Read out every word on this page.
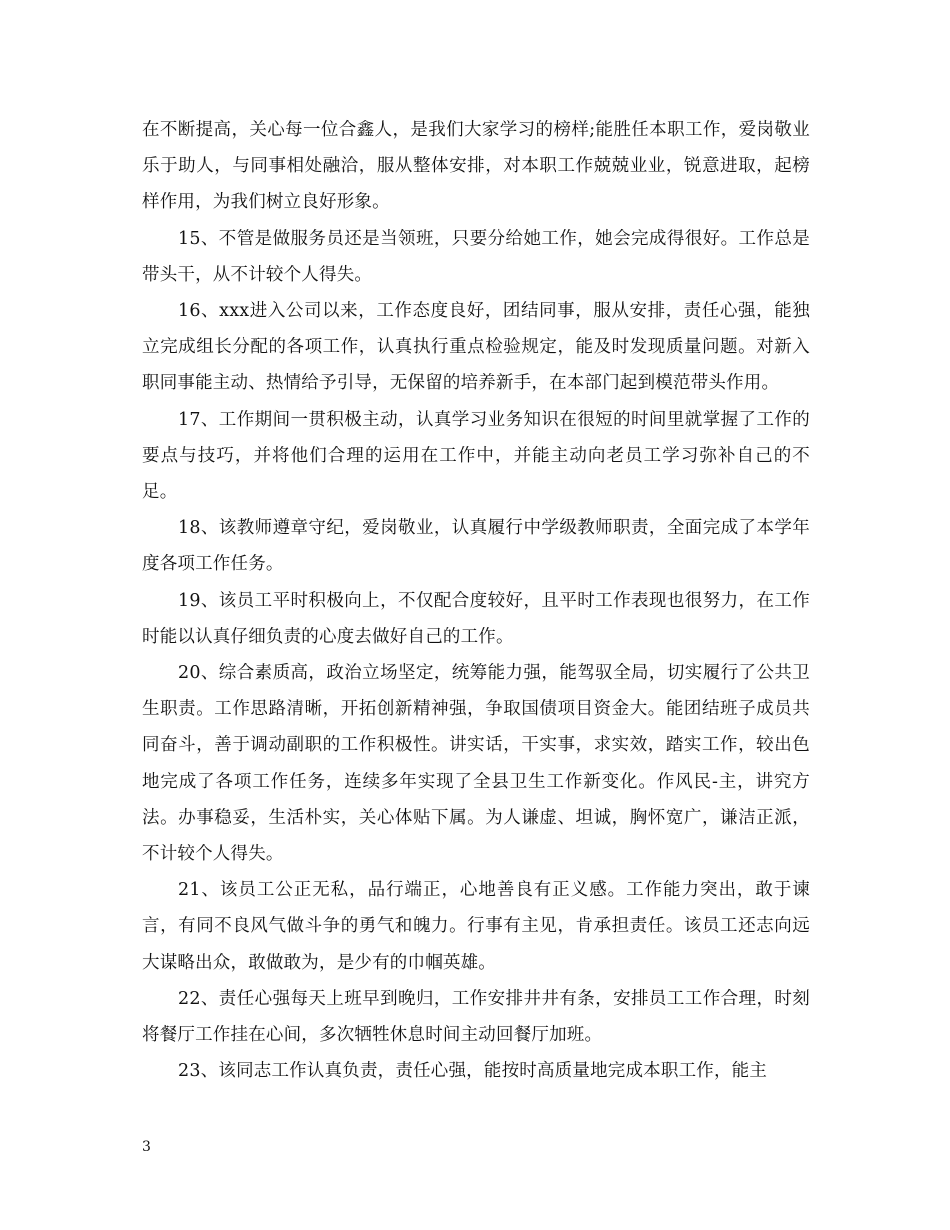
在不断提高，关心每一位合鑫人，是我们大家学习的榜样;能胜任本职工作，爱岗敬业乐于助人，与同事相处融洽，服从整体安排，对本职工作兢兢业业，锐意进取，起榜样作用，为我们树立良好形象。

15、不管是做服务员还是当领班，只要分给她工作，她会完成得很好。工作总是带头干，从不计较个人得失。

16、xxx进入公司以来，工作态度良好，团结同事，服从安排，责任心强，能独立完成组长分配的各项工作，认真执行重点检验规定，能及时发现质量问题。对新入职同事能主动、热情给予引导，无保留的培养新手，在本部门起到模范带头作用。

17、工作期间一贯积极主动，认真学习业务知识在很短的时间里就掌握了工作的要点与技巧，并将他们合理的运用在工作中，并能主动向老员工学习弥补自己的不足。

18、该教师遵章守纪，爱岗敬业，认真履行中学级教师职责，全面完成了本学年度各项工作任务。

19、该员工平时积极向上，不仅配合度较好，且平时工作表现也很努力，在工作时能以认真仔细负责的心度去做好自己的工作。

20、综合素质高，政治立场坚定，统筹能力强，能驾驭全局，切实履行了公共卫生职责。工作思路清晰，开拓创新精神强，争取国债项目资金大。能团结班子成员共同奋斗，善于调动副职的工作积极性。讲实话，干实事，求实效，踏实工作，较出色地完成了各项工作任务，连续多年实现了全县卫生工作新变化。作风民-主，讲究方法。办事稳妥，生活朴实，关心体贴下属。为人谦虚、坦诚，胸怀宽广，谦洁正派，不计较个人得失。

21、该员工公正无私，品行端正，心地善良有正义感。工作能力突出，敢于谏言，有同不良风气做斗争的勇气和魄力。行事有主见，肯承担责任。该员工还志向远大谋略出众，敢做敢为，是少有的巾帼英雄。

22、责任心强每天上班早到晚归，工作安排井井有条，安排员工工作合理，时刻将餐厅工作挂在心间，多次牺牲休息时间主动回餐厅加班。

23、该同志工作认真负责，责任心强，能按时高质量地完成本职工作，能主

3
